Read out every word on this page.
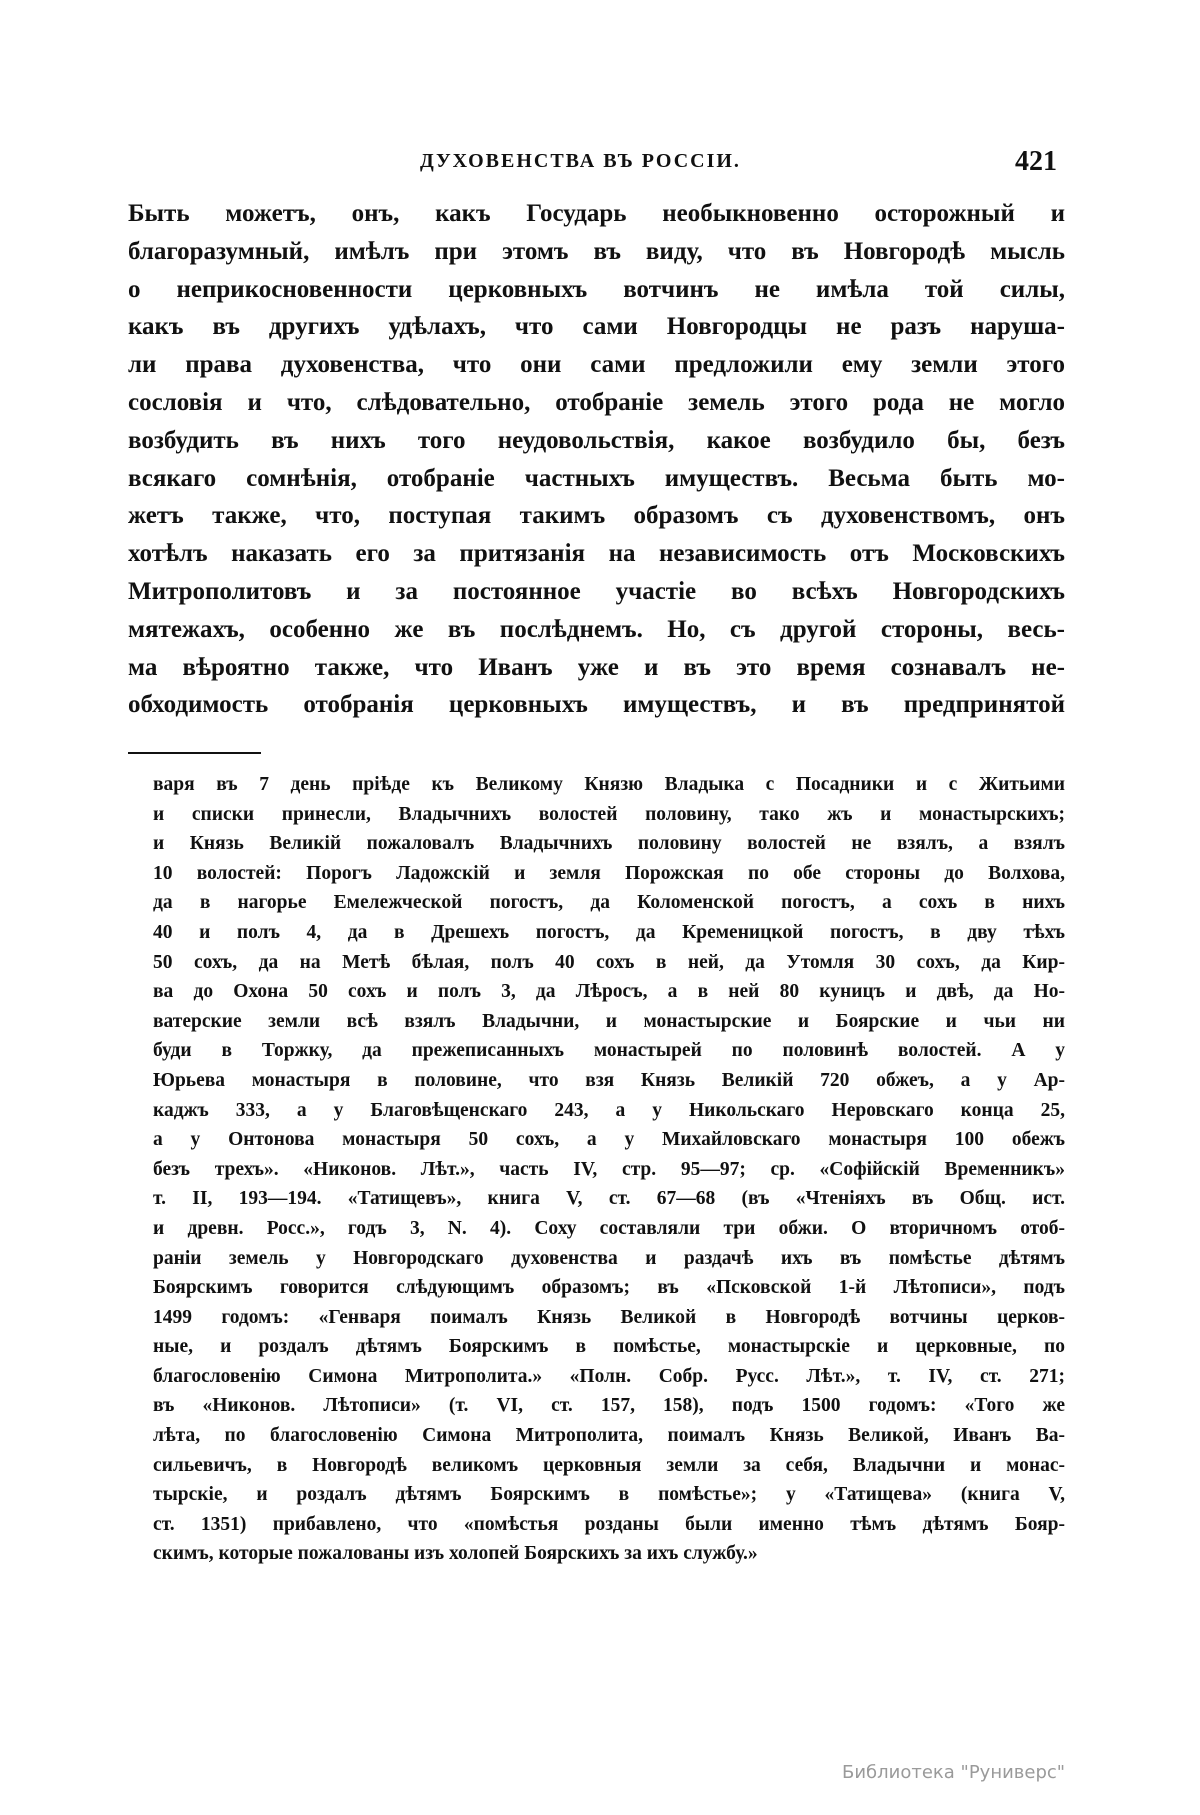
ДУХОВЕНСТВА ВЪ РОССІИ.	421
Быть можетъ, онъ, какъ Государь необыкновенно осторожный и
благоразумный, имѣлъ при этомъ въ виду, что въ Новгородѣ мысль
о неприкосновенности церковныхъ вотчинъ не имѣла той силы,
какъ въ другихъ удѣлахъ, что сами Новгородцы не разъ наруша-
ли права духовенства, что они сами предложили ему земли этого
сословія и что, слѣдовательно, отобраніе земель этого рода не могло
возбудить въ нихъ того неудовольствія, какое возбудило бы, безъ
всякаго сомнѣнія, отобраніе частныхъ имуществъ. Весьма быть мо-
жетъ также, что, поступая такимъ образомъ съ духовенствомъ, онъ
хотѣлъ наказать его за притязанія на независимость отъ Московскихъ
Митрополитовъ и за постоянное участіе во всѣхъ Новгородскихъ
мятежахъ, особенно же въ послѣднемъ. Но, съ другой стороны, весь-
ма вѣроятно также, что Иванъ уже и въ это время сознавалъ не-
обходимость отобранія церковныхъ имуществъ, и въ предпринятой
варя въ 7 день пріѣде къ Великому Князю Владыка с Посадники и с Житьими
и списки принесли, Владычнихъ волостей половину, тако жъ и монастырскихъ;
и Князь Великій пожаловалъ Владычнихъ половину волостей не взялъ, а взялъ
10 волостей: Порогъ Ладожскій и земля Порожская по обе стороны до Волхова,
да в нагорье Емележческой погостъ, да Коломенской погостъ, а сохъ в нихъ
40 и полъ 4, да в Дрешехъ погостъ, да Кременицкой погостъ, в дву тѣхъ
50 сохъ, да на Метѣ бѣлая, полъ 40 сохъ в ней, да Утомля 30 сохъ, да Кир-
ва до Охона 50 сохъ и полъ 3, да Лѣросъ, а в ней 80 куницъ и двѣ, да Но-
ватерские земли всѣ взялъ Владычни, и монастырские и Боярские и чьи ни
буди в Торжку, да прежеписанныхъ монастырей по половинѣ волостей. А у
Юрьева монастыря в половине, что взя Князь Великій 720 обжеъ, а у Ар-
каджъ 333, а у Благовѣщенскаго 243, а у Никольскаго Неровскаго конца 25,
а у Онтонова монастыря 50 сохъ, а у Михайловскаго монастыря 100 обежъ
безъ трехъ». «Никонов. Лѣт.», часть IV, стр. 95—97; ср. «Софійскій Временникъ»
т. II, 193—194. «Татищевъ», книга V, ст. 67—68 (въ «Чтеніяхъ въ Общ. ист.
и древн. Росс.», годъ 3, N. 4). Соху составляли три обжи. О вторичномъ отоб-
раніи земель у Новгородскаго духовенства и раздачѣ ихъ въ помѣстье дѣтямъ
Боярскимъ говорится слѣдующимъ образомъ; въ «Псковской 1-й Лѣтописи», подъ
1499 годомъ: «Генваря поималъ Князь Великой в Новгородѣ вотчины церков-
ные, и роздалъ дѣтямъ Боярскимъ в помѣстье, монастырскіе и церковные, по
благословенію Симона Митрополита.» «Полн. Собр. Русс. Лѣт.», т. IV, ст. 271;
въ «Никонов. Лѣтописи» (т. VI, ст. 157, 158), подъ 1500 годомъ: «Того же
лѣта, по благословенію Симона Митрополита, поималъ Князь Великой, Иванъ Ва-
сильевичъ, в Новгородѣ великомъ церковныя земли за себя, Владычни и монас-
тырскіе, и роздалъ дѣтямъ Боярскимъ в помѣстье»; у «Татищева» (книга V,
ст. 1351) прибавлено, что «помѣстья розданы были именно тѣмъ дѣтямъ Бояр-
скимъ, которые пожалованы изъ холопей Боярскихъ за ихъ службу.»
Библиотека "Руниверс"
